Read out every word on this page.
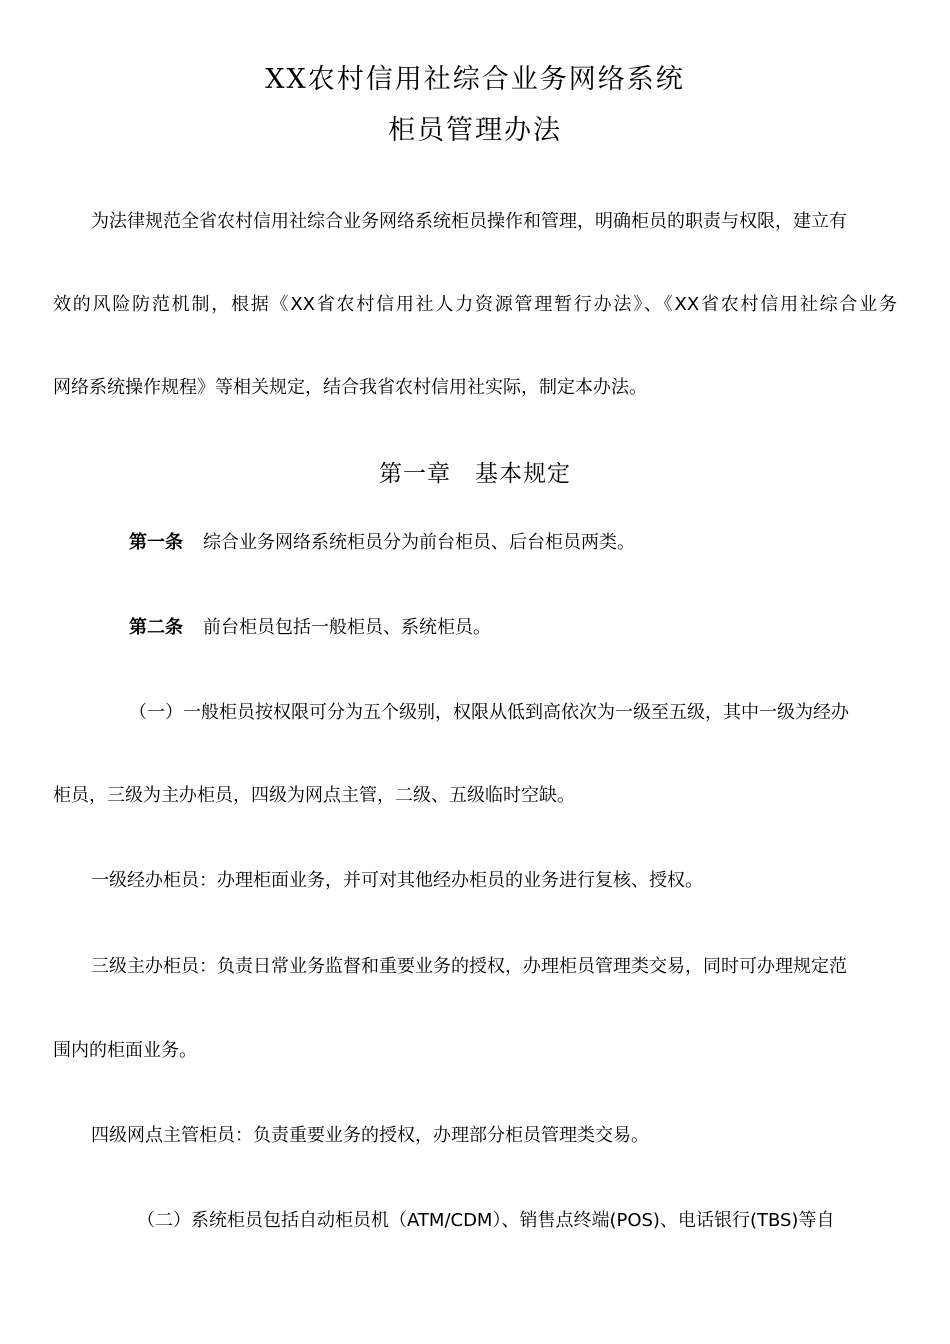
XX农村信用社综合业务网络系统
柜员管理办法
为法律规范全省农村信用社综合业务网络系统柜员操作和管理，明确柜员的职责与权限，建立有
效的风险防范机制，根据《XX省农村信用社人力资源管理暂行办法》、《XX省农村信用社综合业务
网络系统操作规程》等相关规定，结合我省农村信用社实际，制定本办法。
第一章　基本规定
第一条 综合业务网络系统柜员分为前台柜员、后台柜员两类。
第二条 前台柜员包括一般柜员、系统柜员。
（一）一般柜员按权限可分为五个级别，权限从低到高依次为一级至五级，其中一级为经办
柜员，三级为主办柜员，四级为网点主管，二级、五级临时空缺。
一级经办柜员：办理柜面业务，并可对其他经办柜员的业务进行复核、授权。
三级主办柜员：负责日常业务监督和重要业务的授权，办理柜员管理类交易，同时可办理规定范
围内的柜面业务。
四级网点主管柜员：负责重要业务的授权，办理部分柜员管理类交易。
（二）系统柜员包括自动柜员机（ATM/CDM）、销售点终端(POS)、电话银行(TBS)等自
